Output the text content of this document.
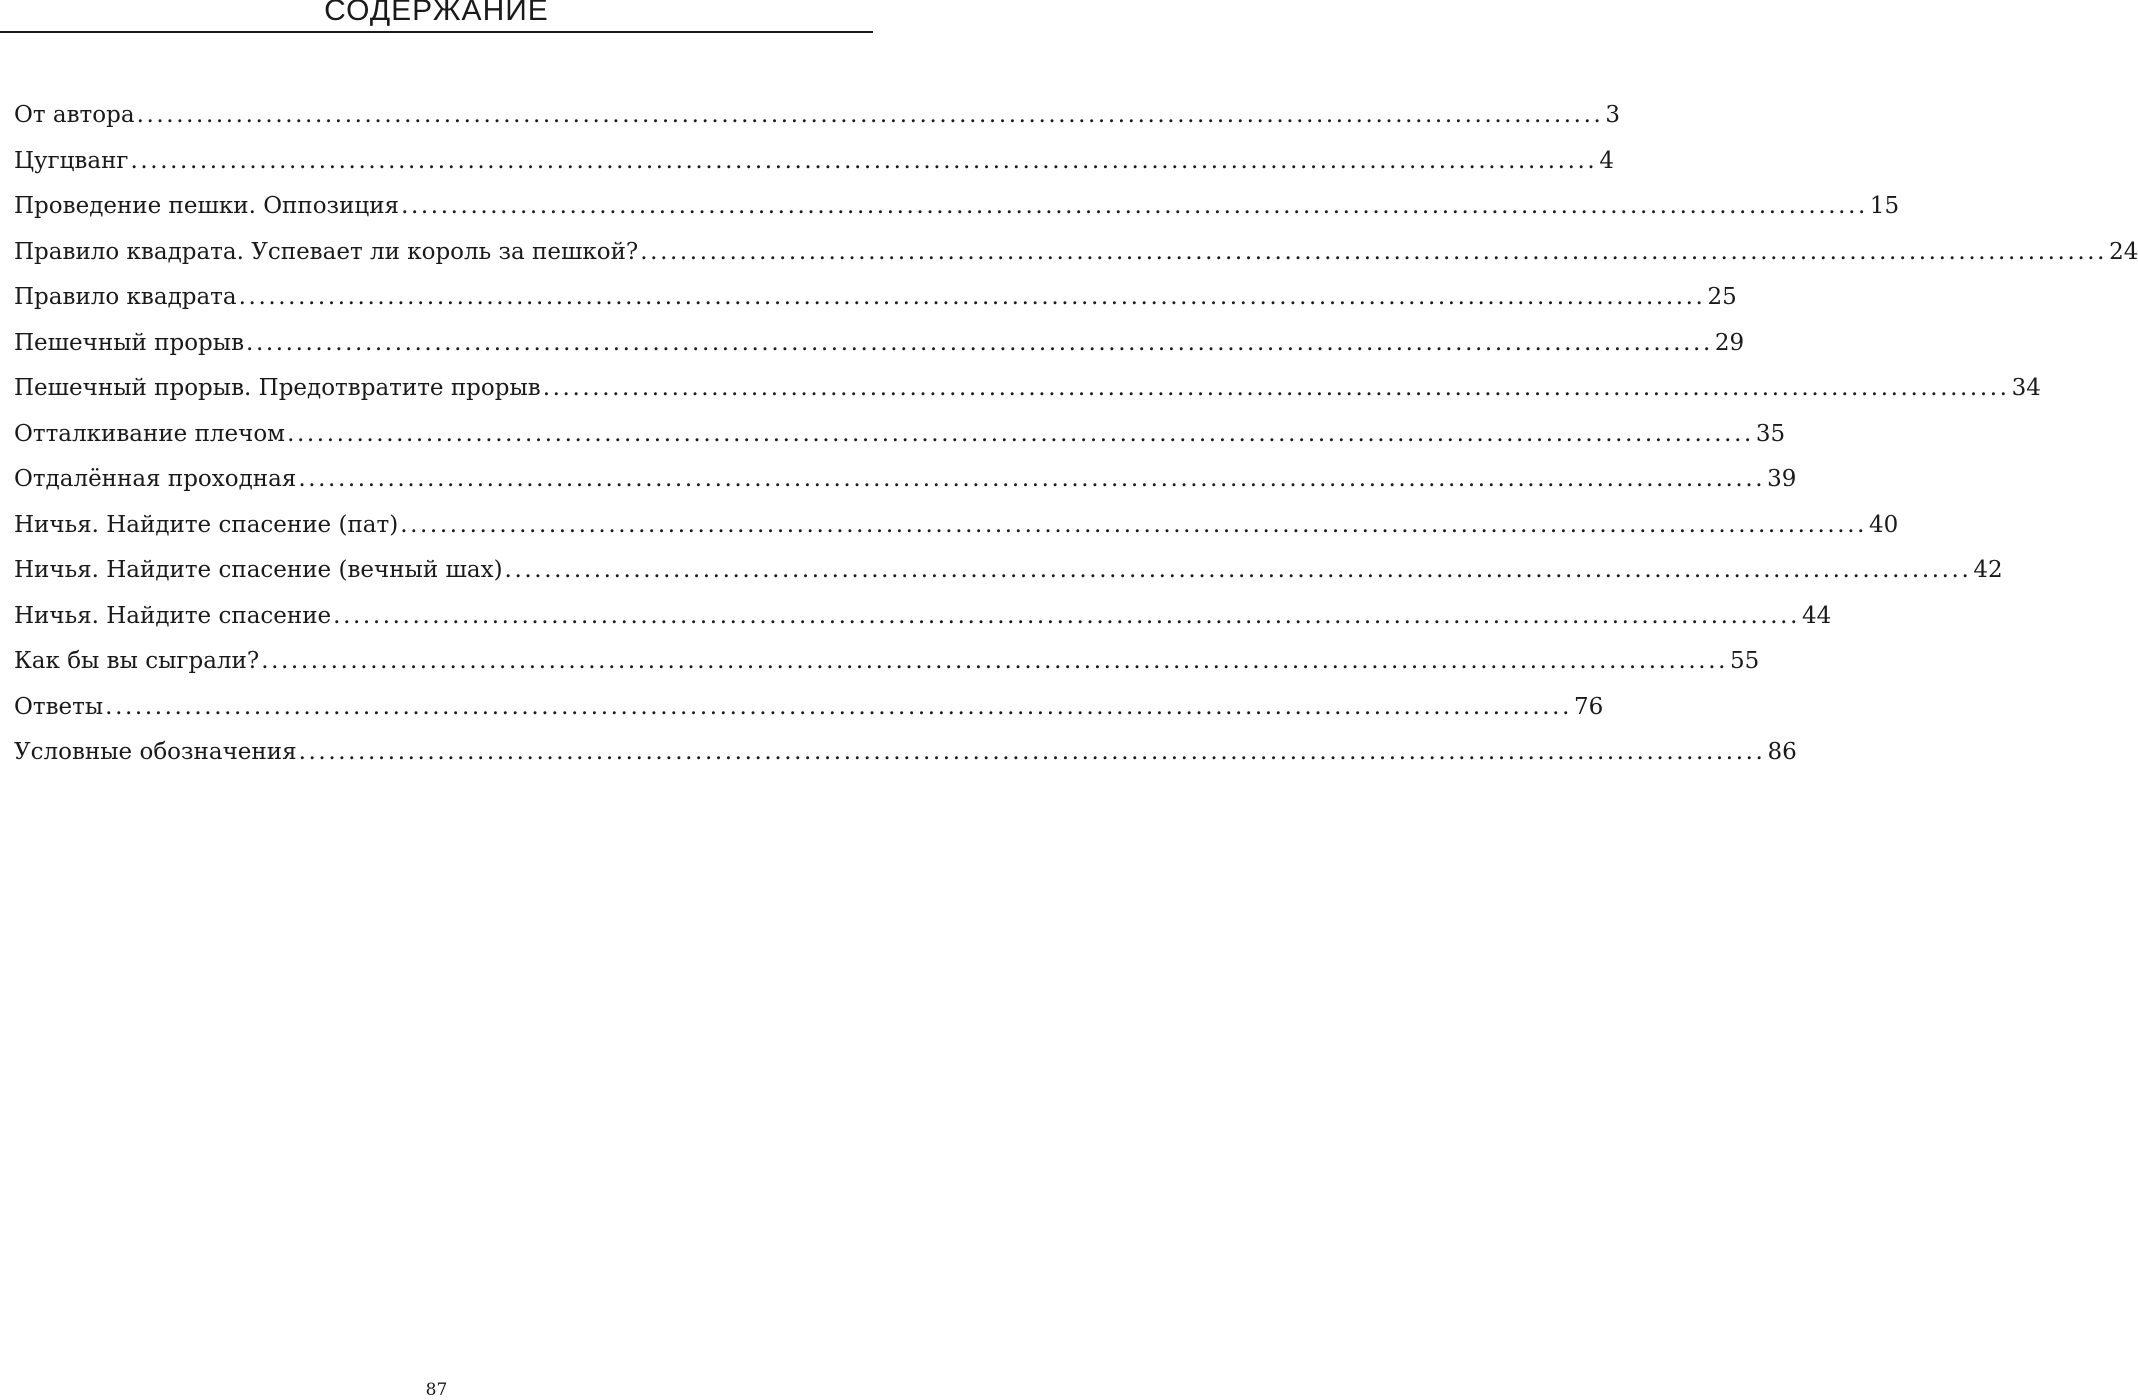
СОДЕРЖАНИЕ
От автора .................................................................................................................................................... 3
Цугцванг .................................................................................................................................................... 4
Проведение пешки. Оппозиция .................................................................................................................................................... 15
Правило квадрата. Успевает ли король за пешкой? .................................................................................................................................................... 24
Правило квадрата .................................................................................................................................................... 25
Пешечный прорыв .................................................................................................................................................... 29
Пешечный прорыв. Предотвратите прорыв .................................................................................................................................................... 34
Отталкивание плечом .................................................................................................................................................... 35
Отдалённая проходная .................................................................................................................................................... 39
Ничья. Найдите спасение (пат) .................................................................................................................................................... 40
Ничья. Найдите спасение (вечный шах) .................................................................................................................................................... 42
Ничья. Найдите спасение .................................................................................................................................................... 44
Как бы вы сыграли? .................................................................................................................................................... 55
Ответы .................................................................................................................................................... 76
Условные обозначения .................................................................................................................................................... 86
87
